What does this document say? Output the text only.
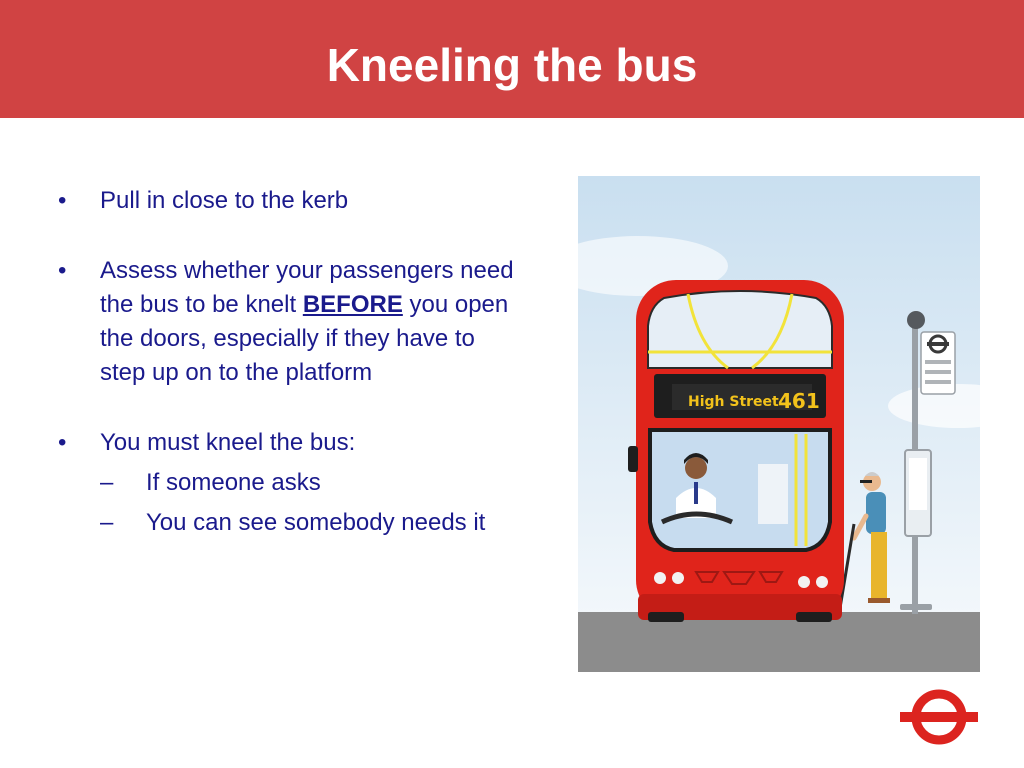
Kneeling the bus
• Pull in close to the kerb
• Assess whether your passengers need the bus to be knelt BEFORE you open the doors, especially if they have to step up on to the platform
• You must kneel the bus:
– If someone asks
– You can see somebody needs it
High Street 461
